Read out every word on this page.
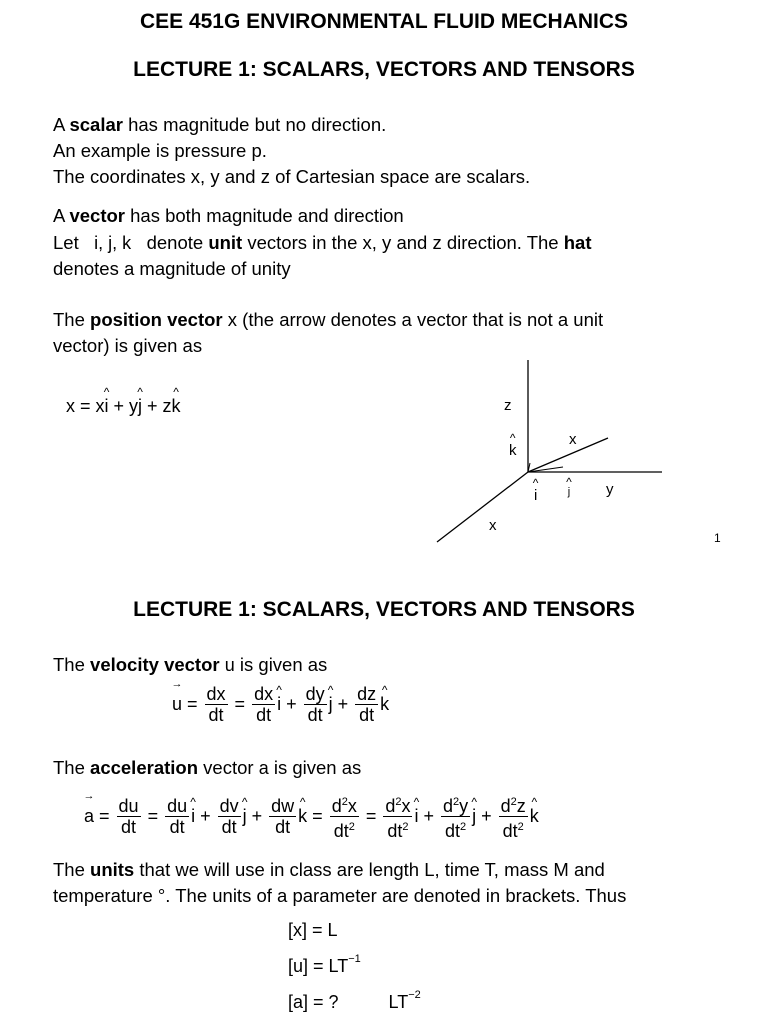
CEE 451G ENVIRONMENTAL FLUID MECHANICS
LECTURE 1: SCALARS, VECTORS AND TENSORS
A scalar has magnitude but no direction.
An example is pressure p.
The coordinates x, y and z of Cartesian space are scalars.
A vector has both magnitude and direction
Let i, j, k denote unit vectors in the x, y and z direction. The hat
denotes a magnitude of unity
The position vector x (the arrow denotes a vector that is not a unit
vector) is given as
x = x ^ i + y ^ j + z ^ k	z
^ k
x
^ i	^ j y
x
1
LECTURE 1: SCALARS, VECTORS AND TENSORS
The velocity vector u is given as
→ $u = \frac{dx}{dt} = \frac{dx}{dt}$ ^ $i + \frac{dy}{dt}$ ^ $j + \frac{dz}{dt}$ ^ k
The acceleration vector a is given as
→ $a = \frac{du}{dt} = \frac{du}{dt}$ ^ $i + \frac{dv}{dt}$ ^ $j + \frac{dw}{dt}$ ^ $k = \frac{d^2x}{dt^2} = \frac{d^2x}{dt^2}$ ^ $i + \frac{d^2y}{dt^2}$ ^ $j + \frac{d^2z}{dt^2}$ ^ k
The units that we will use in class are length L, time T, mass M and
temperature °. The units of a parameter are denoted in brackets. Thus
[x] = L
$[u] = LT^{-1}$
[a] = ?	$LT^{-2}$
